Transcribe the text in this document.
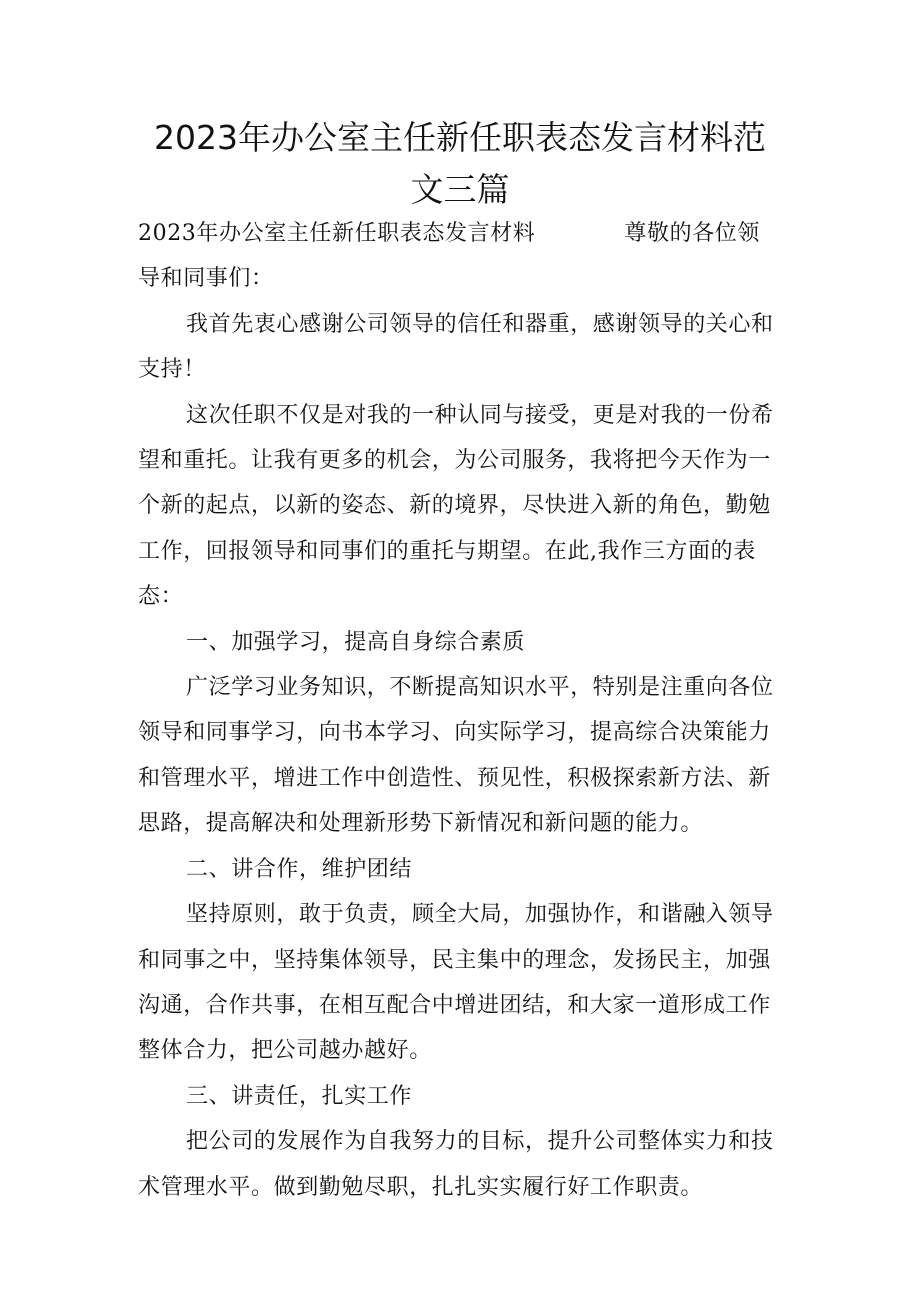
2023年办公室主任新任职表态发言材料范文三篇
2023年办公室主任新任职表态发言材料	尊敬的各位领

导和同事们：

我首先衷心感谢公司领导的信任和器重，感谢领导的关心和支持！

这次任职不仅是对我的一种认同与接受，更是对我的一份希望和重托。让我有更多的机会，为公司服务，我将把今天作为一个新的起点，以新的姿态、新的境界，尽快进入新的角色，勤勉工作，回报领导和同事们的重托与期望。在此,我作三方面的表态：

一、加强学习，提高自身综合素质

广泛学习业务知识，不断提高知识水平，特别是注重向各位领导和同事学习，向书本学习、向实际学习，提高综合决策能力和管理水平，增进工作中创造性、预见性，积极探索新方法、新思路，提高解决和处理新形势下新情况和新问题的能力。

二、讲合作，维护团结

坚持原则，敢于负责，顾全大局，加强协作，和谐融入领导和同事之中，坚持集体领导，民主集中的理念，发扬民主，加强沟通，合作共事，在相互配合中增进团结，和大家一道形成工作整体合力，把公司越办越好。

三、讲责任，扎实工作

把公司的发展作为自我努力的目标，提升公司整体实力和技术管理水平。做到勤勉尽职，扎扎实实履行好工作职责。
